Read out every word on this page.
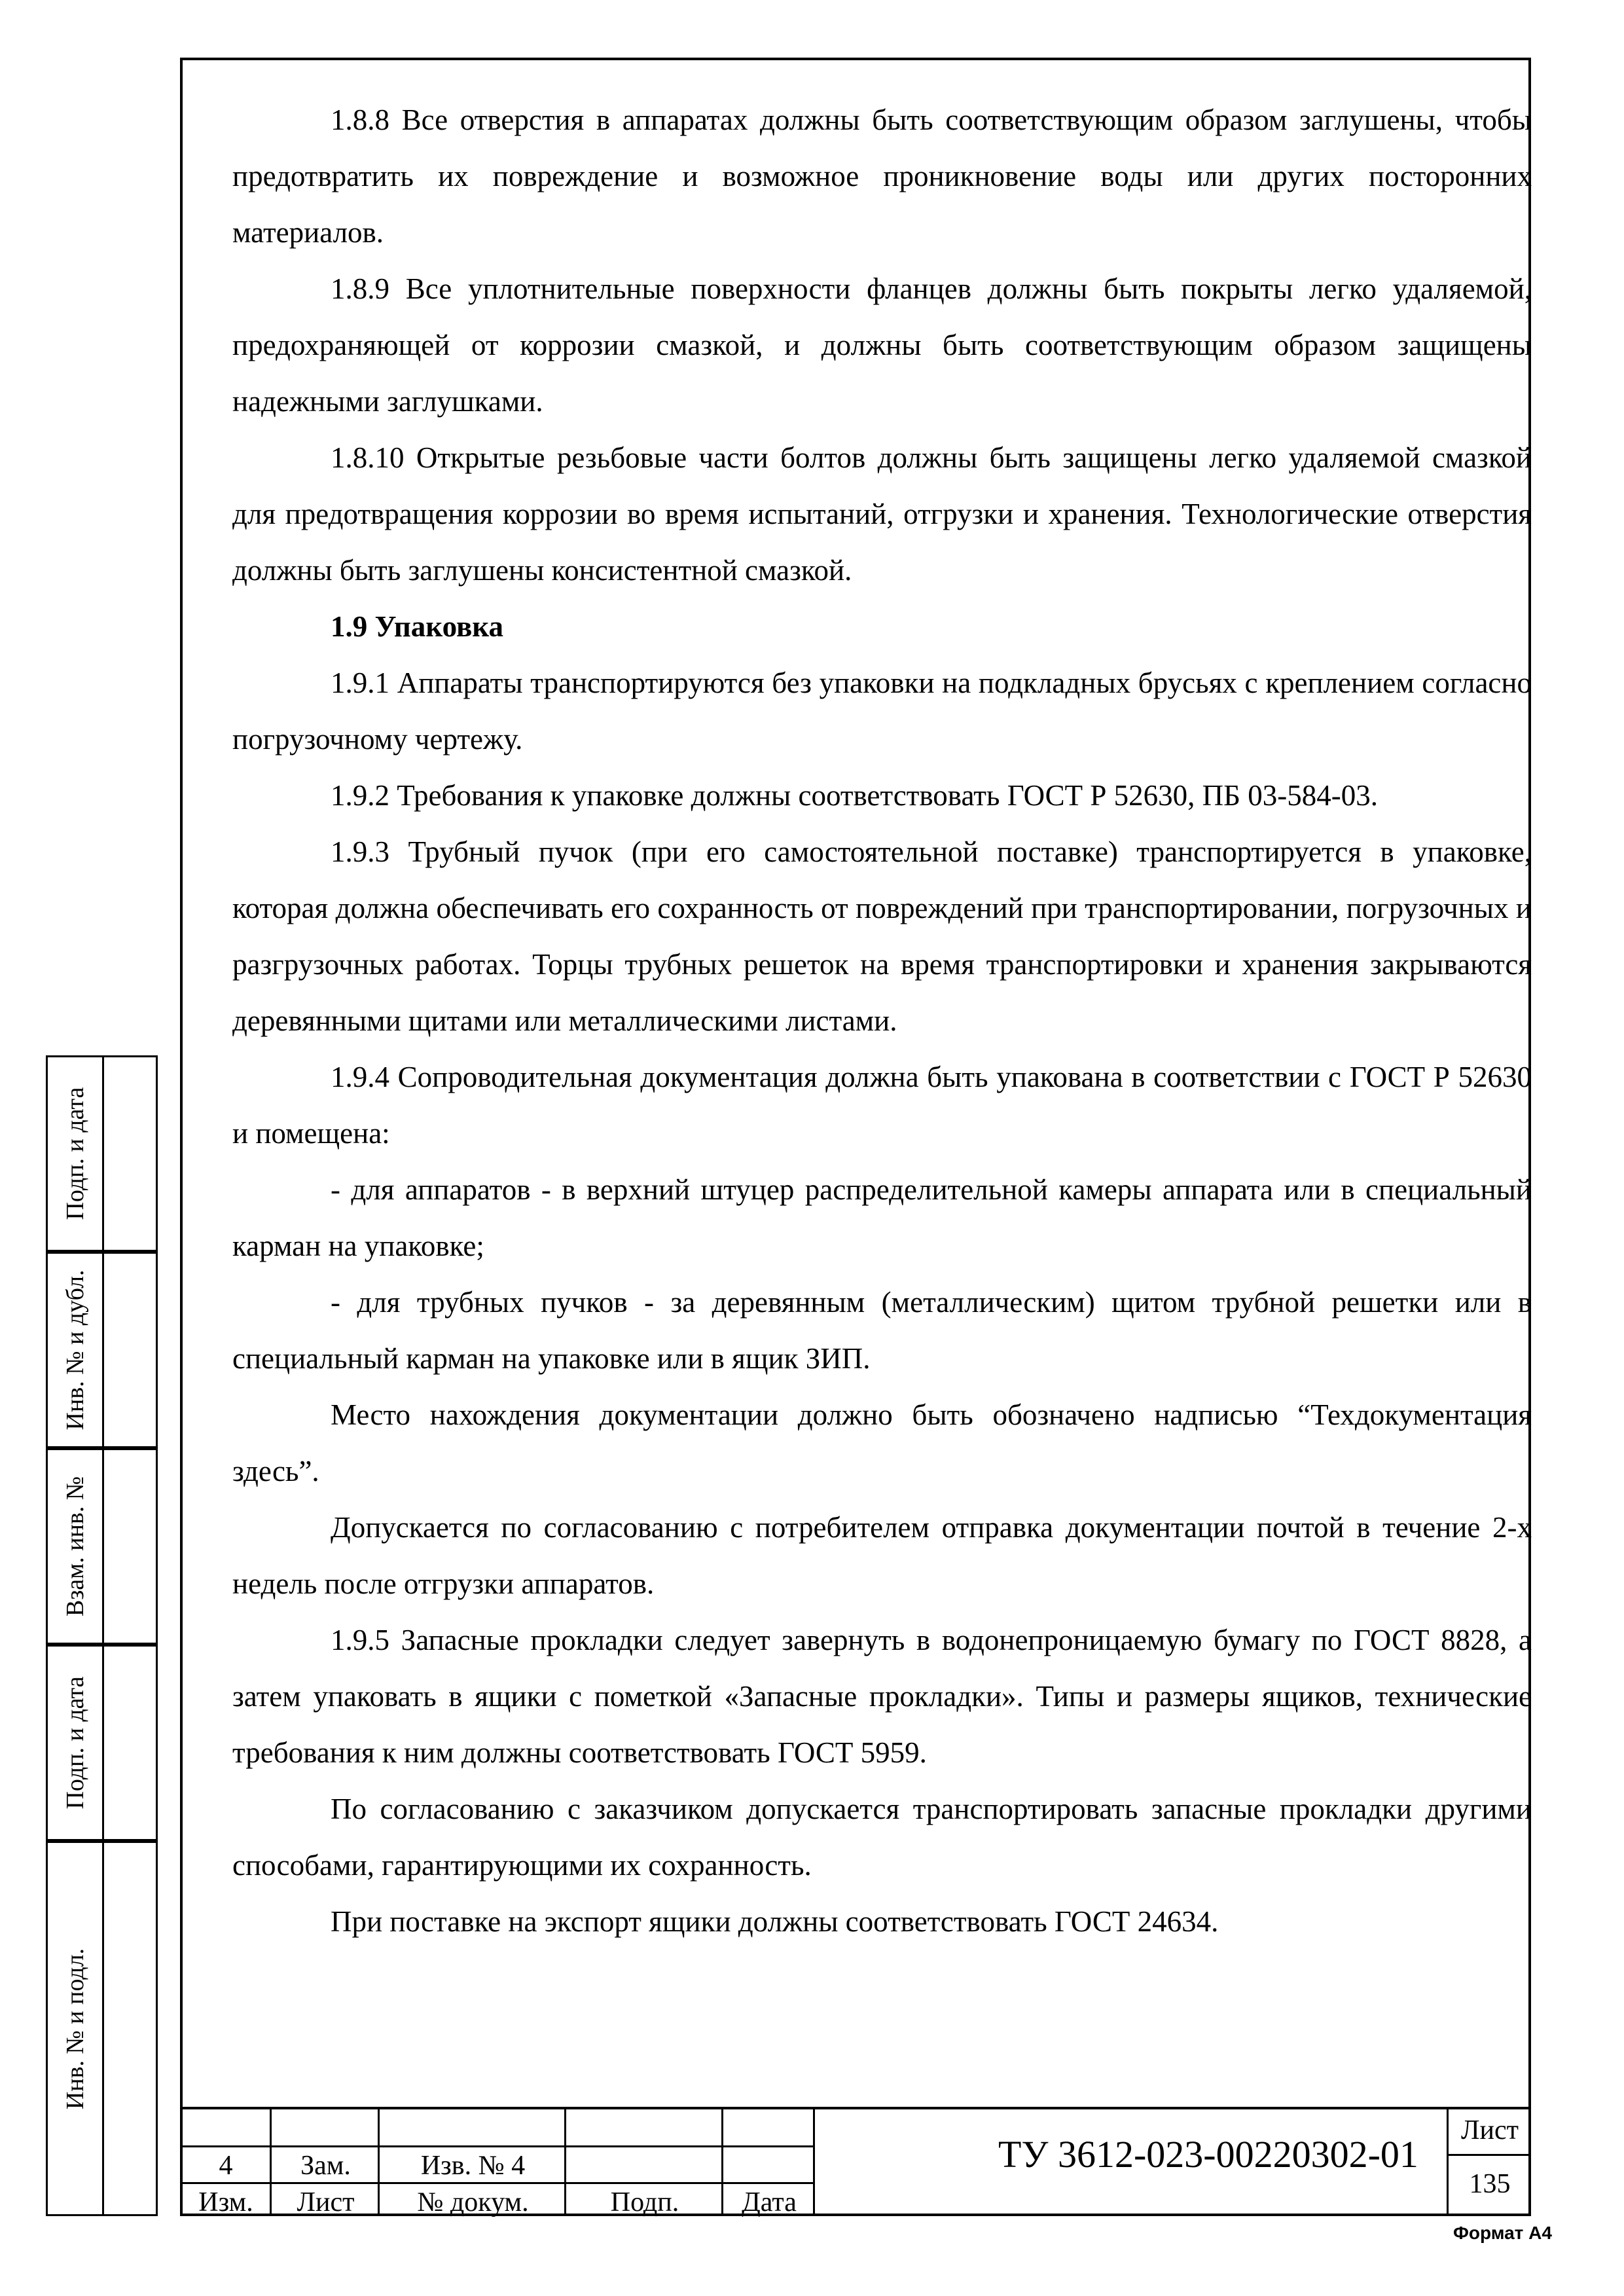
1.8.8 Все отверстия в аппаратах должны быть соответствующим образом заглушены, чтобы предотвратить их повреждение и возможное проникновение воды или других посторонних материалов.

1.8.9 Все уплотнительные поверхности фланцев должны быть покрыты легко удаляемой, предохраняющей от коррозии смазкой, и должны быть соответствующим образом защищены надежными заглушками.

1.8.10 Открытые резьбовые части болтов должны быть защищены легко удаляемой смазкой для предотвращения коррозии во время испытаний, отгрузки и хранения. Технологические отверстия должны быть заглушены консистентной смазкой.

1.9 Упаковка

1.9.1 Аппараты транспортируются без упаковки на подкладных брусьях с креплением согласно погрузочному чертежу.

1.9.2 Требования к упаковке должны соответствовать ГОСТ Р 52630, ПБ 03-584-03.

1.9.3 Трубный пучок (при его самостоятельной поставке) транспортируется в упаковке, которая должна обеспечивать его сохранность от повреждений при транспортировании, погрузочных и разгрузочных работах. Торцы трубных решеток на время транспортировки и хранения закрываются деревянными щитами или металлическими листами.

1.9.4 Сопроводительная документация должна быть упакована в соответствии с ГОСТ Р 52630 и помещена:

- для аппаратов - в верхний штуцер распределительной камеры аппарата или в специальный карман на упаковке;

- для трубных пучков - за деревянным (металлическим) щитом трубной решетки или в специальный карман на упаковке или в ящик ЗИП.

Место нахождения документации должно быть обозначено надписью “Техдокументация здесь”.

Допускается по согласованию с потребителем отправка документации почтой в течение 2-х недель после отгрузки аппаратов.

1.9.5 Запасные прокладки следует завернуть в водонепроницаемую бумагу по ГОСТ 8828, а затем упаковать в ящики с пометкой «Запасные прокладки». Типы и размеры ящиков, технические требования к ним должны соответствовать ГОСТ 5959.

По согласованию с заказчиком допускается транспортировать запасные прокладки другими способами, гарантирующими их сохранность.

При поставке на экспорт ящики должны соответствовать ГОСТ 24634.

Подп. и дата
Инв. № и дубл.
Взам. инв. №
Подп. и дата
Инв. № и подл.
4	Зам.	Изв. № 4
Изм.	Лист	№ докум.	Подп.	Дата
ТУ 3612-023-00220302-01
Лист
135
Формат А4
